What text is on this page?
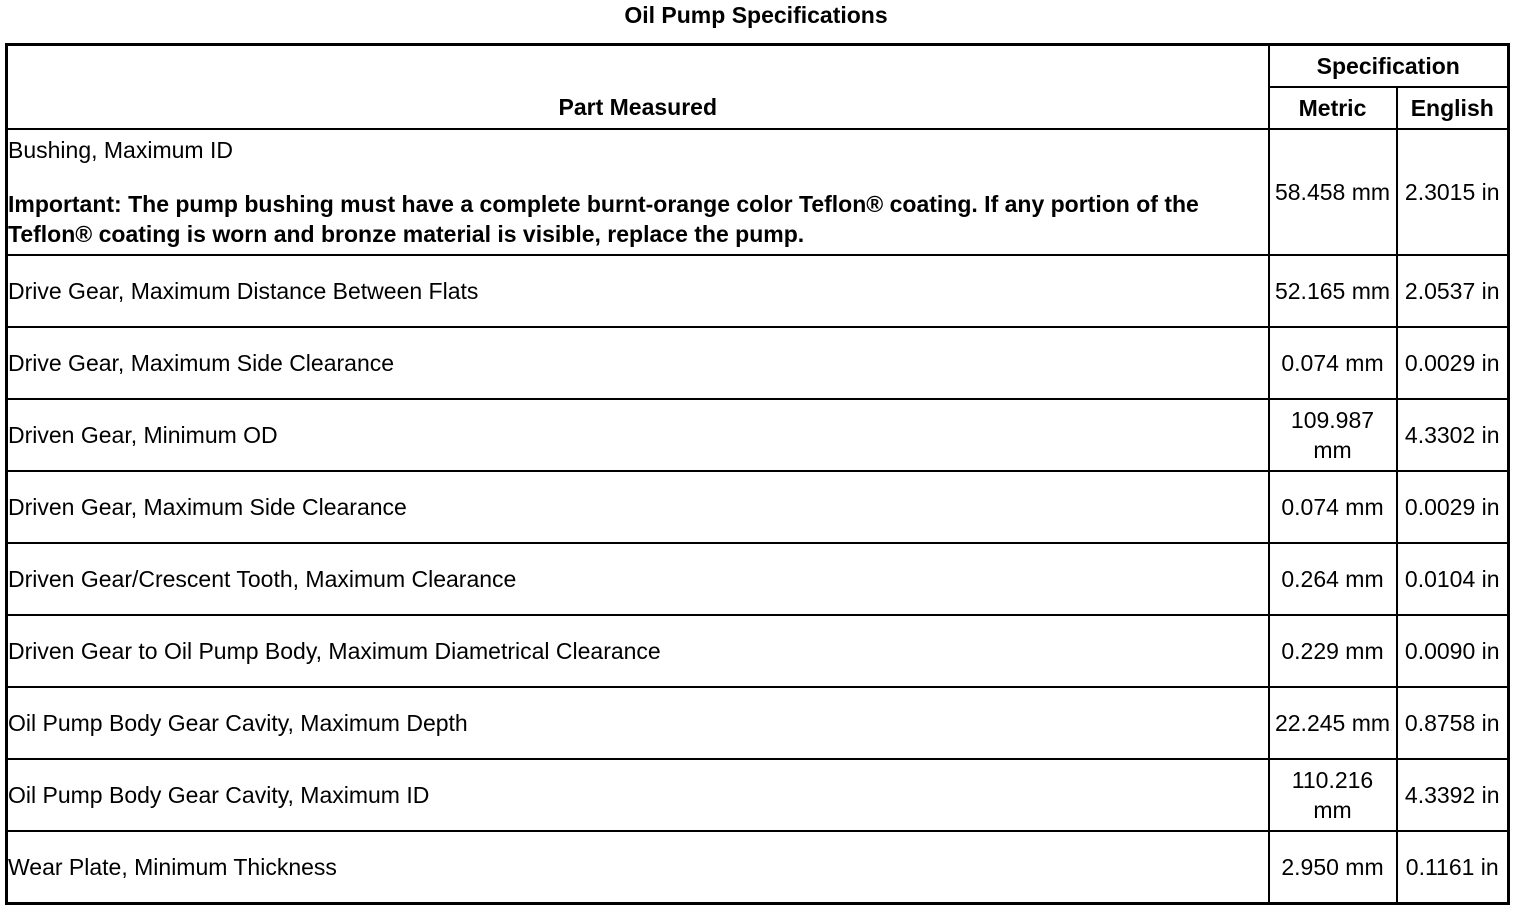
Oil Pump Specifications
Part Measured	Specification	
	Metric	English

Bushing, Maximum ID
Important: The pump bushing must have a complete burnt-orange color Teflon® coating. If any portion of the Teflon® coating is worn and bronze material is visible, replace the pump.	58.458 mm	2.3015 in
Drive Gear, Maximum Distance Between Flats	52.165 mm	2.0537 in
Drive Gear, Maximum Side Clearance	0.074 mm	0.0029 in
Driven Gear, Minimum OD	109.987 mm	4.3302 in
Driven Gear, Maximum Side Clearance	0.074 mm	0.0029 in
Driven Gear/Crescent Tooth, Maximum Clearance	0.264 mm	0.0104 in
Driven Gear to Oil Pump Body, Maximum Diametrical Clearance	0.229 mm	0.0090 in
Oil Pump Body Gear Cavity, Maximum Depth	22.245 mm	0.8758 in
Oil Pump Body Gear Cavity, Maximum ID	110.216 mm	4.3392 in
Wear Plate, Minimum Thickness	2.950 mm	0.1161 in
